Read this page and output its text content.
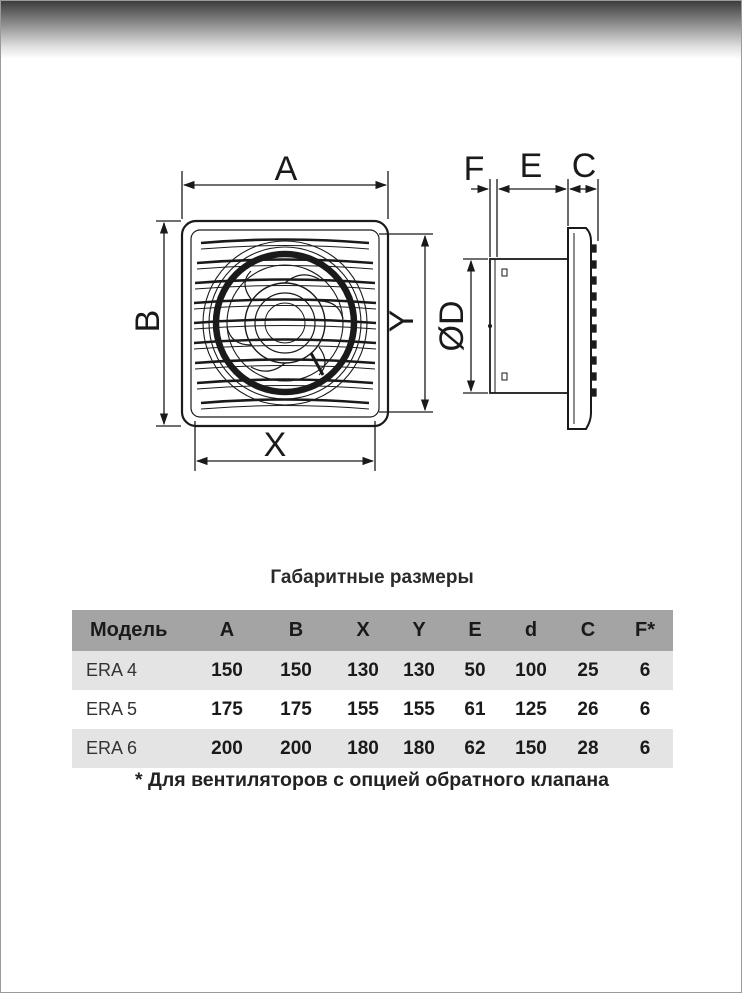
A
B
X
Y
F E C
ØD
Габаритные размеры
Модель	A	B	X	Y	E	d	C	F*
ERA 4	150	150	130	130	50	100	25	6
ERA 5	175	175	155	155	61	125	26	6
ERA 6	200	200	180	180	62	150	28	6
* Для вентиляторов с опцией обратного клапана
